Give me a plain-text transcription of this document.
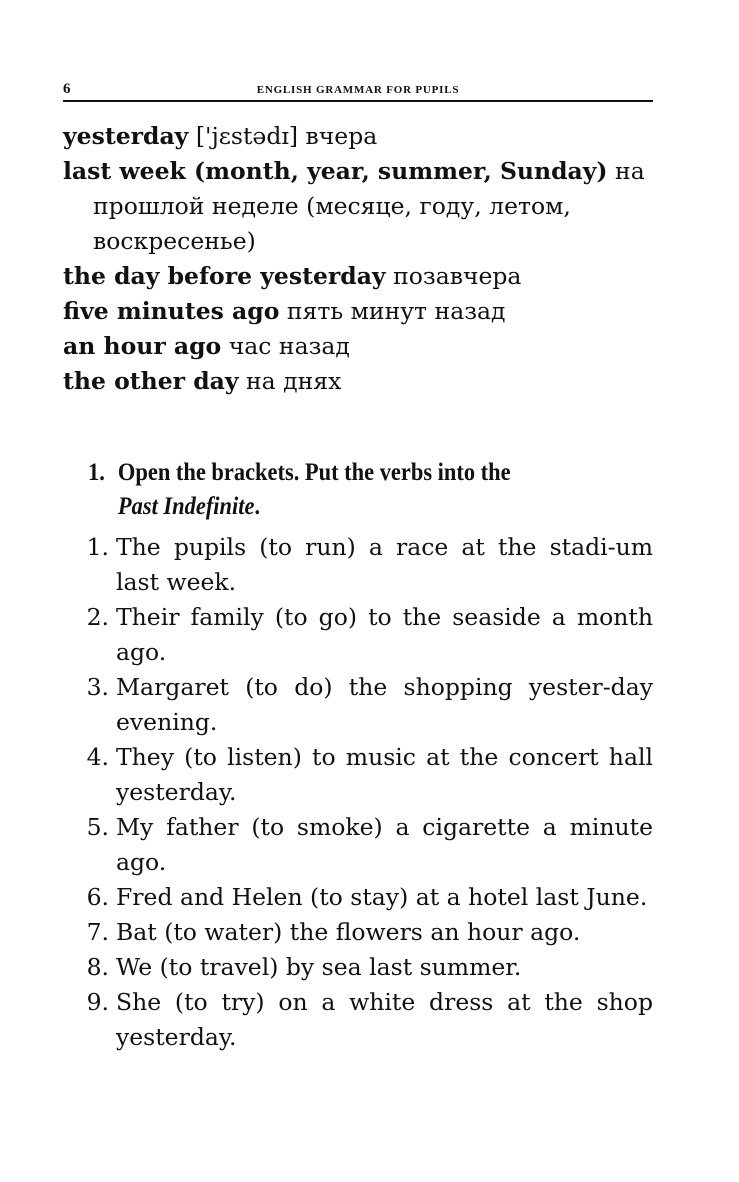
6	ENGLISH GRAMMAR FOR PUPILS

yesterday ['jɛstədɪ] вчера

last week (month, year, summer, Sunday) на прошлой неделе (месяце, году, летом, воскресенье)

the day before yesterday позавчера

five minutes ago пять минут назад

an hour ago час назад

the other day на днях

1. Open the brackets. Put the verbs into the
Past Indefinite.
1. The pupils (to run) a race at the stadi-um last week.
2. Their family (to go) to the seaside a month ago.
3. Margaret (to do) the shopping yester-day evening.
4. They (to listen) to music at the concert hall yesterday.
5. My father (to smoke) a cigarette a minute ago.
6. Fred and Helen (to stay) at a hotel last June.
7. Bat (to water) the flowers an hour ago.
8. We (to travel) by sea last summer.
9. She (to try) on a white dress at the shop yesterday.
